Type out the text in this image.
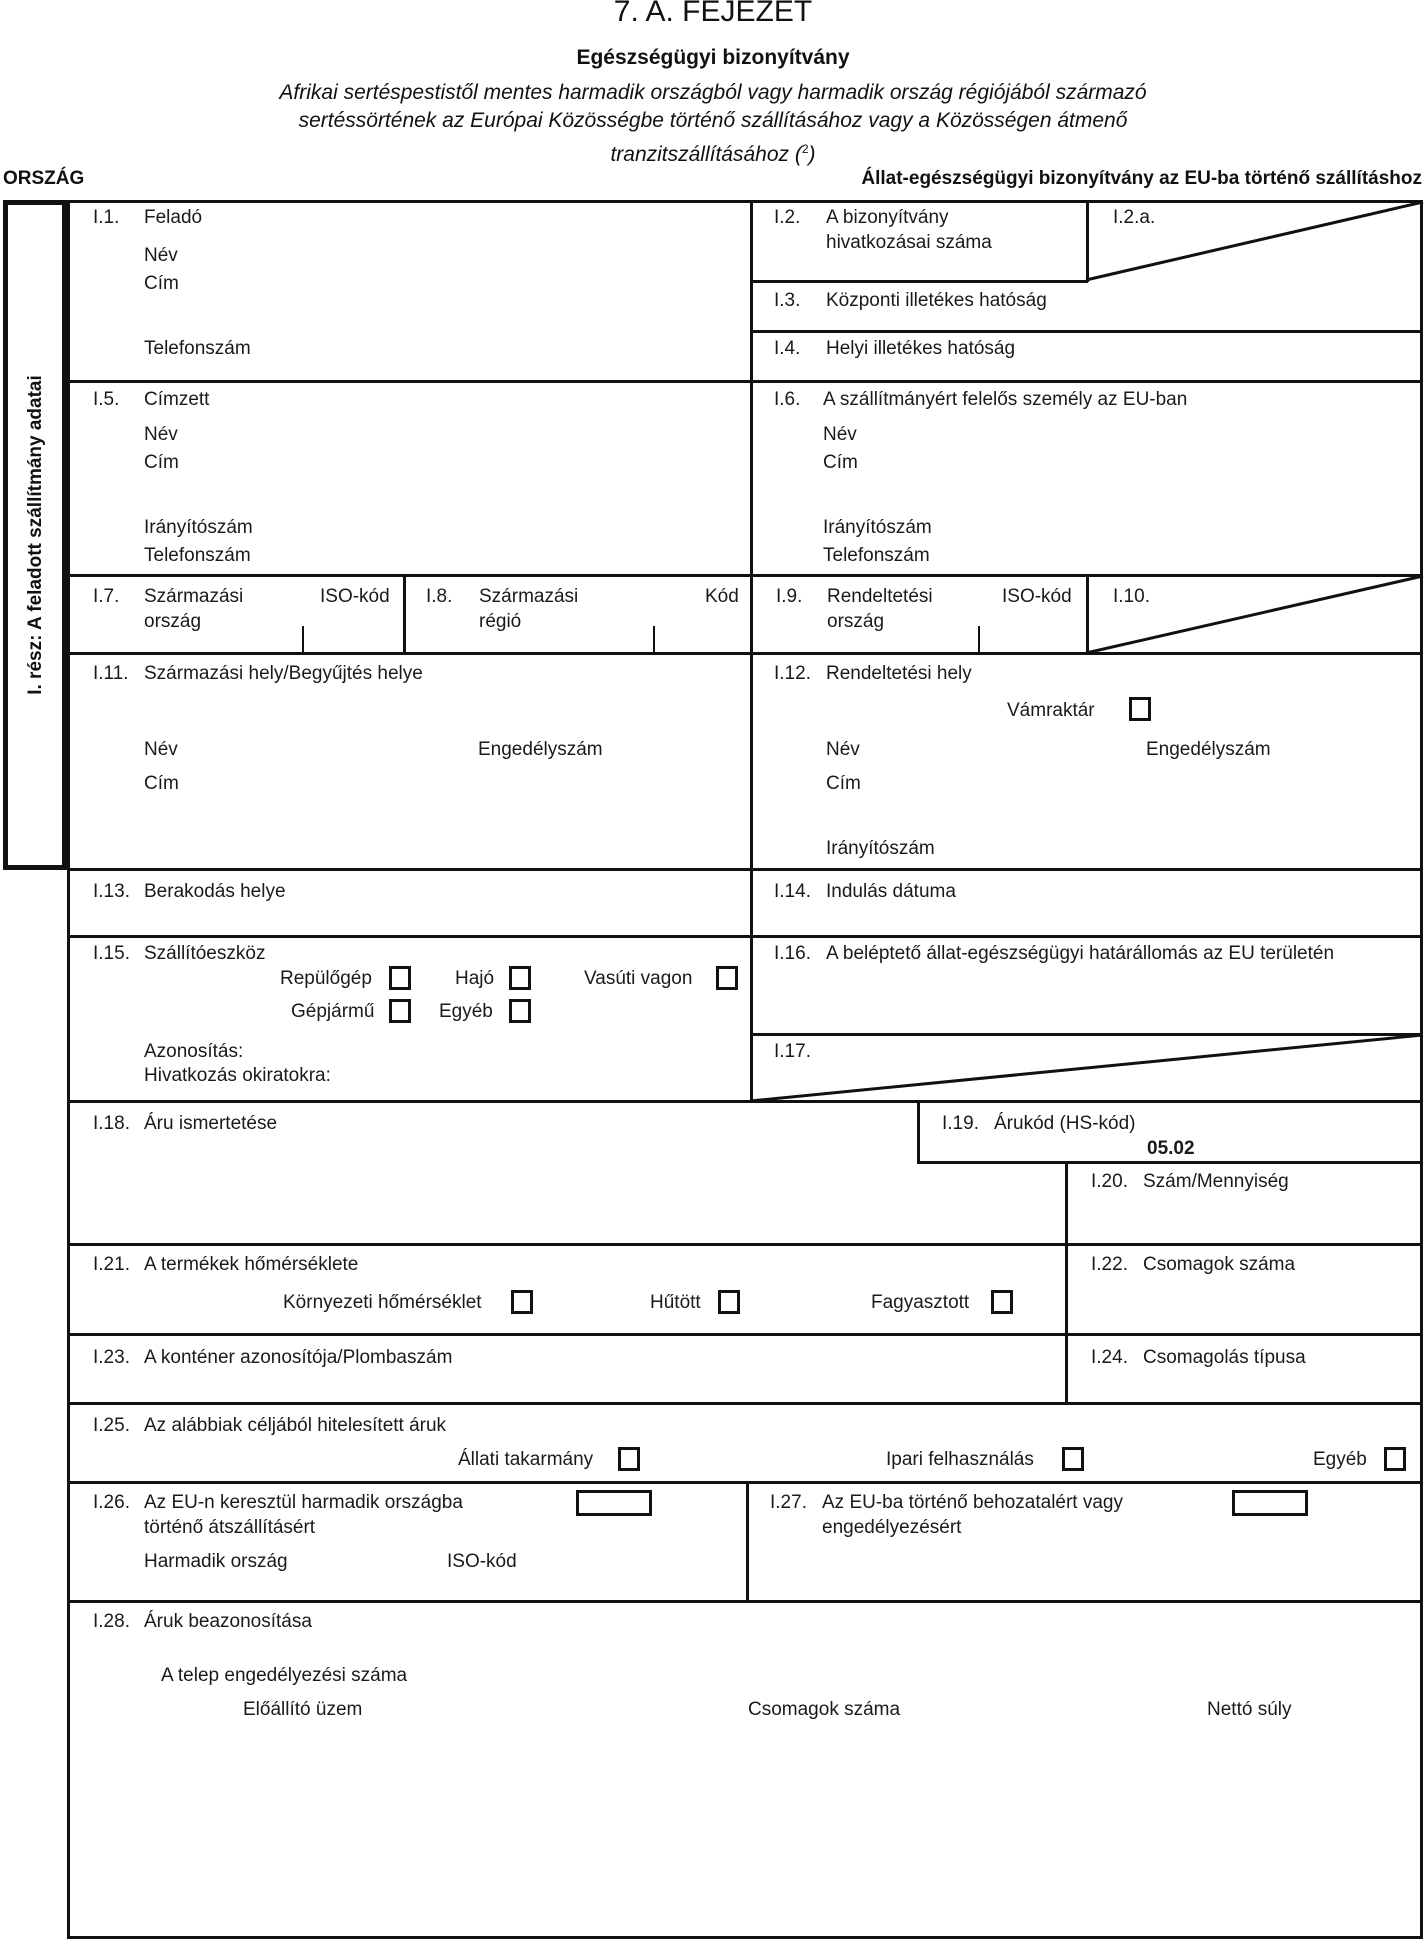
7. A. FEJEZET
Egészségügyi bizonyítvány
Afrikai sertéspestistől mentes harmadik országból vagy harmadik ország régiójából származó
sertéssörtének az Európai Közösségbe történő szállításához vagy a Közösségen átmenő
tranzitszállításához ($^2$)
ORSZÁG	Állat-egészségügyi bizonyítvány az EU-ba történő szállításhoz
I. rész: A feladott szállítmány adatai
I.1. Feladó
Név
Cím
Telefonszám
I.2. A bizonyítvány
hivatkozásai száma
I.2.a.
I.3. Központi illetékes hatóság
I.4. Helyi illetékes hatóság
I.5. Címzett
Név
Cím
Irányítószám
Telefonszám
I.6. A szállítmányért felelős személy az EU-ban
Név
Cím
Irányítószám
Telefonszám
I.7. Származási
ország
ISO-kód I.8. Származási
régió
Kód I.9. Rendeltetési
ország
ISO-kód I.10.
I.11. Származási hely/Begyűjtés helye
Név	Engedélyszám
Cím
I.12. Rendeltetési hely
Vámraktár
Név	Engedélyszám
Cím
Irányítószám
I.13. Berakodás helye	I.14. Indulás dátuma
I.15. Szállítóeszköz
Repülőgép	Hajó	Vasúti vagon
Gépjármű	Egyéb
Azonosítás:
Hivatkozás okiratokra:
I.16. A beléptető állat-egészségügyi határállomás az EU területén
I.17.
I.18. Áru ismertetése	I.19. Árukód (HS-kód)
05.02
I.20. Szám/Mennyiség
I.21. A termékek hőmérséklete
Környezeti hőmérséklet	Hűtött	Fagyasztott
I.22. Csomagok száma
I.23. A konténer azonosítója/Plombaszám	I.24. Csomagolás típusa
I.25. Az alábbiak céljából hitelesített áruk
Állati takarmány	Ipari felhasználás	Egyéb
I.26. Az EU-n keresztül harmadik országba
történő átszállításért
Harmadik ország	ISO-kód
I.27. Az EU-ba történő behozatalért vagy
engedélyezésért
I.28. Áruk beazonosítása
A telep engedélyezési száma
Előállító üzem	Csomagok száma	Nettó súly
